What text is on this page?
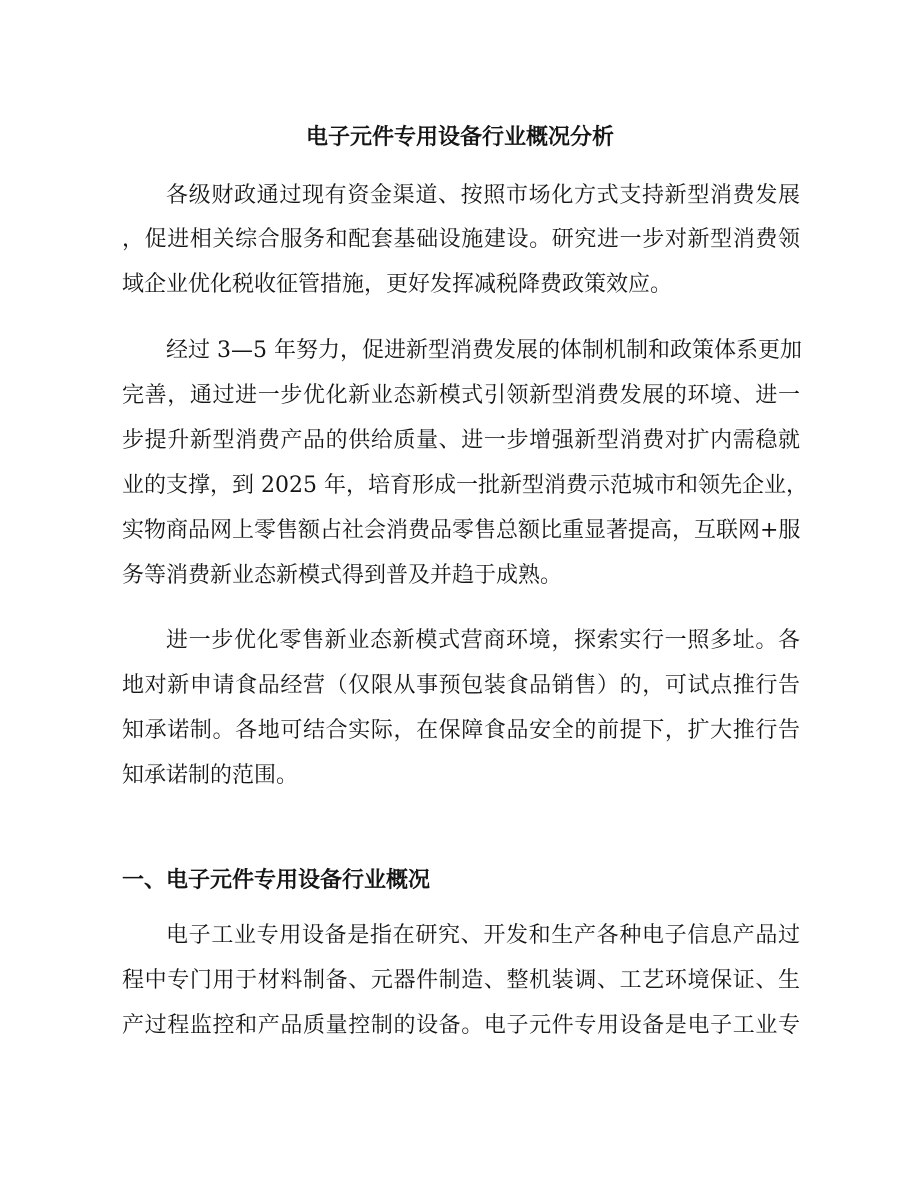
电子元件专用设备行业概况分析
各级财政通过现有资金渠道、按照市场化方式支持新型消费发展
，促进相关综合服务和配套基础设施建设。研究进一步对新型消费领
域企业优化税收征管措施，更好发挥减税降费政策效应。
经过 3—5 年努力，促进新型消费发展的体制机制和政策体系更加
完善，通过进一步优化新业态新模式引领新型消费发展的环境、进一
步提升新型消费产品的供给质量、进一步增强新型消费对扩内需稳就
业的支撑，到 2025 年，培育形成一批新型消费示范城市和领先企业，
实物商品网上零售额占社会消费品零售总额比重显著提高，互联网+服
务等消费新业态新模式得到普及并趋于成熟。
进一步优化零售新业态新模式营商环境，探索实行一照多址。各
地对新申请食品经营（仅限从事预包装食品销售）的，可试点推行告
知承诺制。各地可结合实际，在保障食品安全的前提下，扩大推行告
知承诺制的范围。
一、电子元件专用设备行业概况
电子工业专用设备是指在研究、开发和生产各种电子信息产品过
程中专门用于材料制备、元器件制造、整机装调、工艺环境保证、生
产过程监控和产品质量控制的设备。电子元件专用设备是电子工业专
